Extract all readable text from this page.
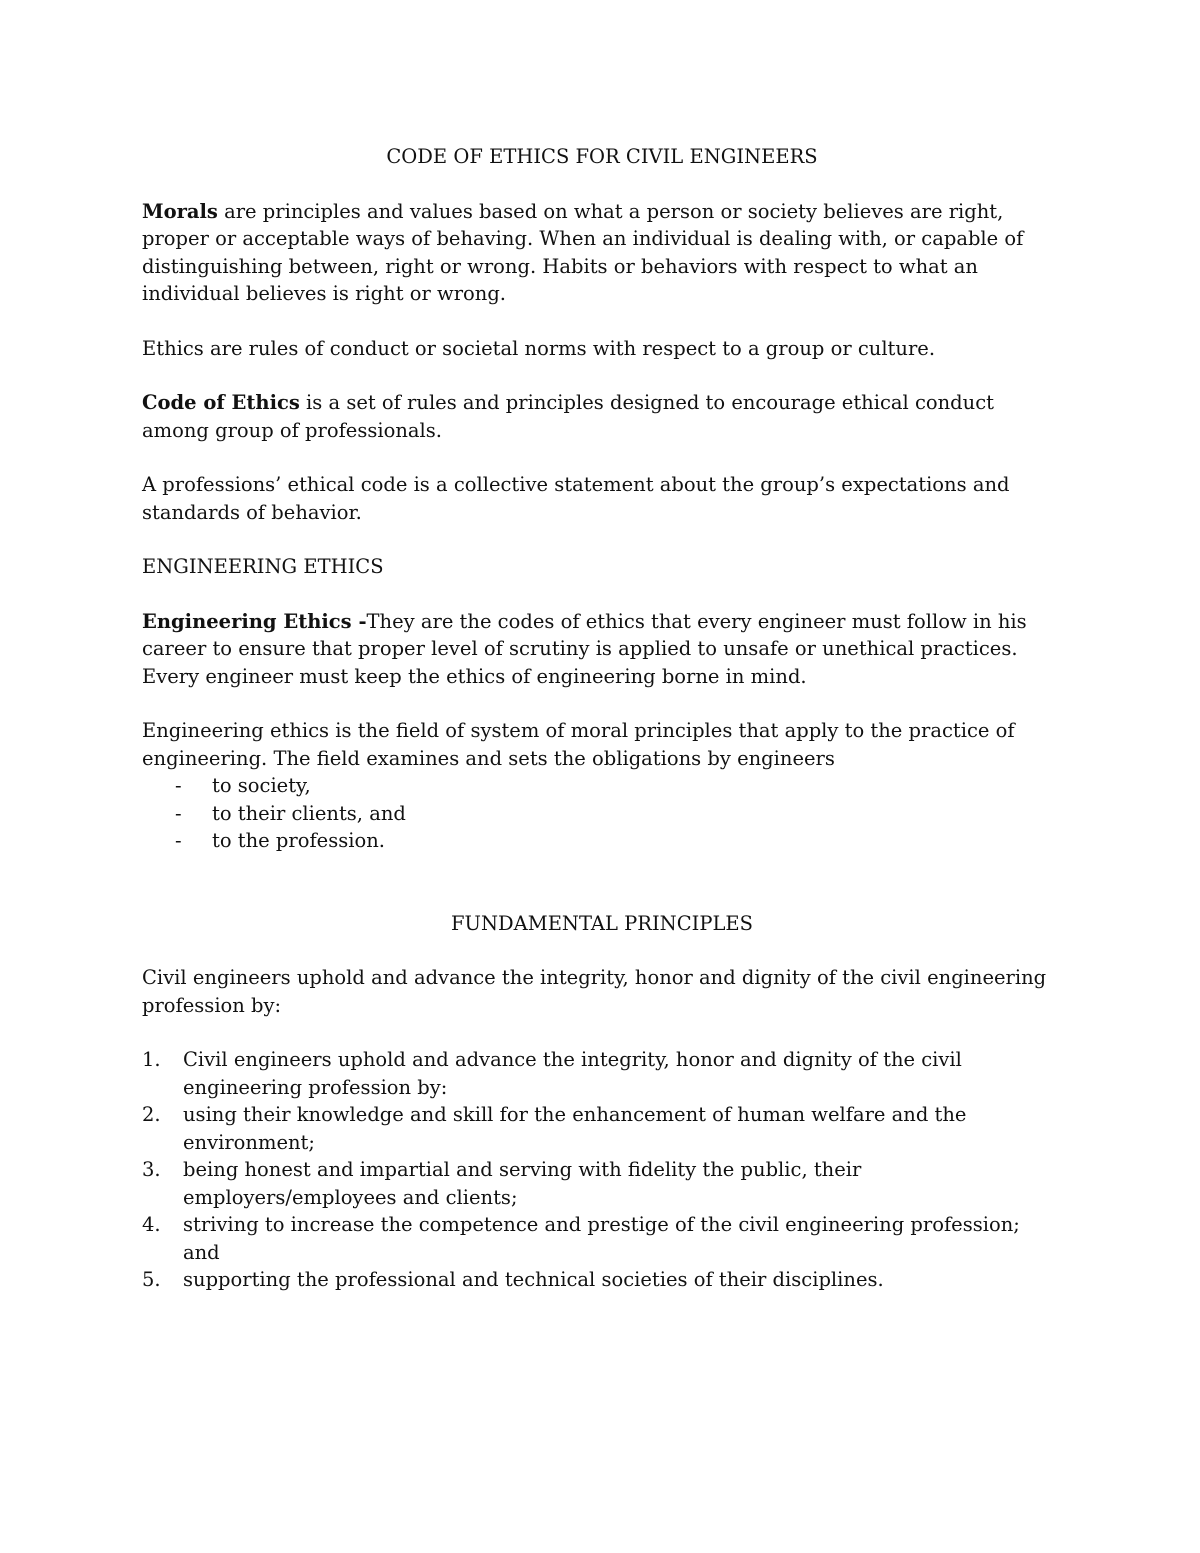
CODE OF ETHICS FOR CIVIL ENGINEERS

Morals are principles and values based on what a person or society believes are right, proper or acceptable ways of behaving. When an individual is dealing with, or capable of distinguishing between, right or wrong. Habits or behaviors with respect to what an individual believes is right or wrong.

Ethics are rules of conduct or societal norms with respect to a group or culture.

Code of Ethics is a set of rules and principles designed to encourage ethical conduct among group of professionals.

A professions’ ethical code is a collective statement about the group’s expectations and standards of behavior.

ENGINEERING ETHICS

Engineering Ethics -They are the codes of ethics that every engineer must follow in his career to ensure that proper level of scrutiny is applied to unsafe or unethical practices. Every engineer must keep the ethics of engineering borne in mind.

Engineering ethics is the field of system of moral principles that apply to the practice of engineering. The field examines and sets the obligations by engineers
- to society,
- to their clients, and
- to the profession.
FUNDAMENTAL PRINCIPLES

Civil engineers uphold and advance the integrity, honor and dignity of the civil engineering profession by:

1. Civil engineers uphold and advance the integrity, honor and dignity of the civil engineering profession by:
2. using their knowledge and skill for the enhancement of human welfare and the environment;
3. being honest and impartial and serving with fidelity the public, their employers/employees and clients;
4. striving to increase the competence and prestige of the civil engineering profession; and
5. supporting the professional and technical societies of their disciplines.
